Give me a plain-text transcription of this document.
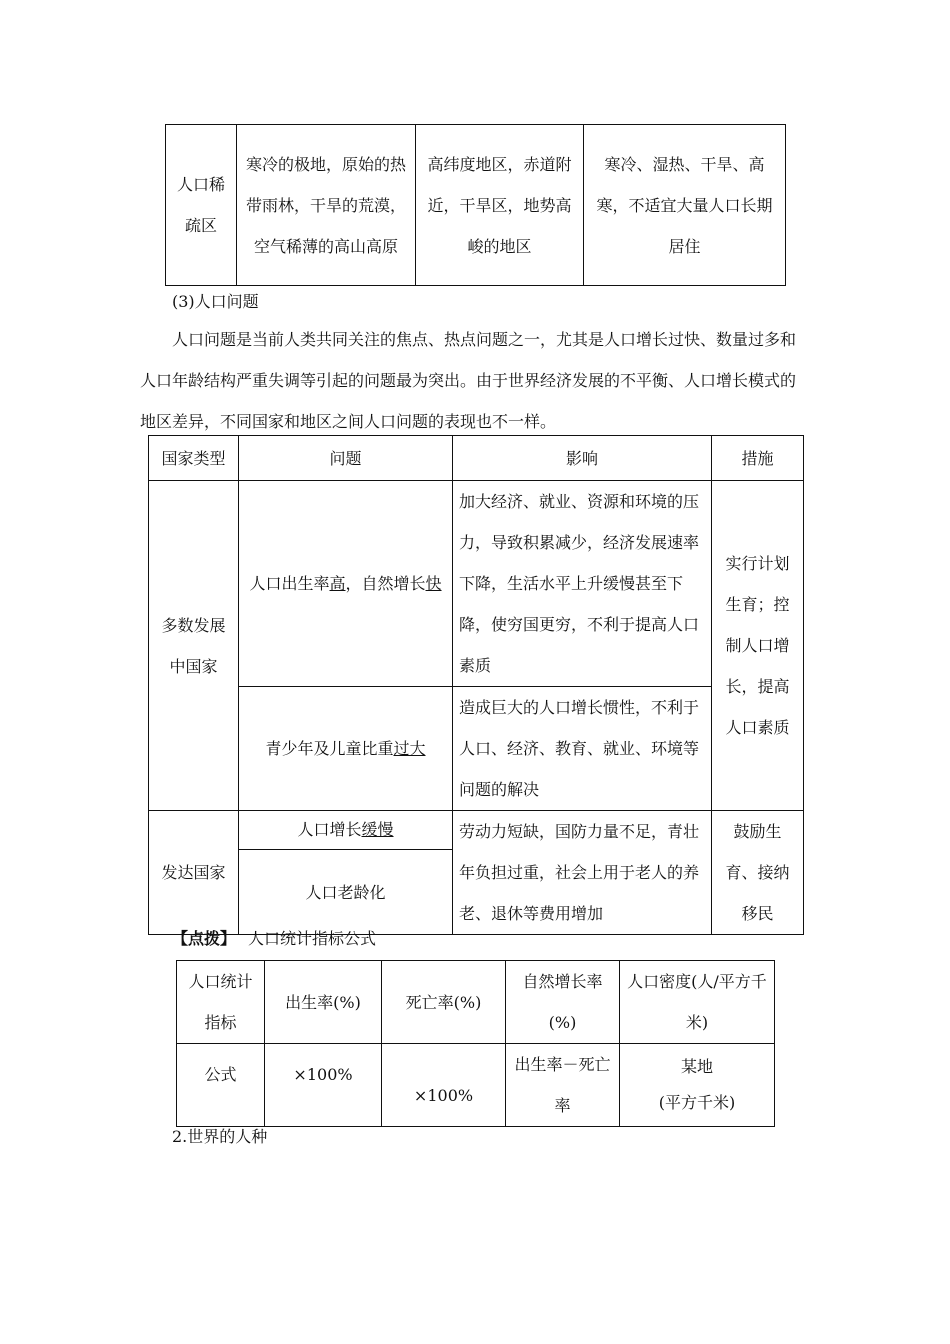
人口稀疏区	寒冷的极地，原始的热带雨林，干旱的荒漠，空气稀薄的高山高原	高纬度地区，赤道附近，干旱区，地势高峻的地区	寒冷、湿热、干旱、高寒，不适宜大量人口长期居住
(3)人口问题
人口问题是当前人类共同关注的焦点、热点问题之一，尤其是人口增长过快、数量过多和人口年龄结构严重失调等引起的问题最为突出。由于世界经济发展的不平衡、人口增长模式的地区差异，不同国家和地区之间人口问题的表现也不一样。
国家类型	问题	影响	措施
多数发展中国家	人口出生率高，自然增长快	加大经济、就业、资源和环境的压力，导致积累减少，经济发展速率下降，生活水平上升缓慢甚至下降，使穷国更穷，不利于提高人口素质	实行计划生育；控制人口增长，提高人口素质
	青少年及儿童比重过大	造成巨大的人口增长惯性，不利于人口、经济、教育、就业、环境等问题的解决	
发达国家	人口增长缓慢	劳动力短缺，国防力量不足，青壮年负担过重，社会上用于老人的养老、退休等费用增加	鼓励生育、接纳移民
	人口老龄化		
【点拨】 人口统计指标公式
人口统计指标	出生率(%)	死亡率(%)	自然增长率(%)	人口密度(人/平方千米)
公式	×100%	×100%	出生率－死亡率	某地
(平方千米)
2.世界的人种
